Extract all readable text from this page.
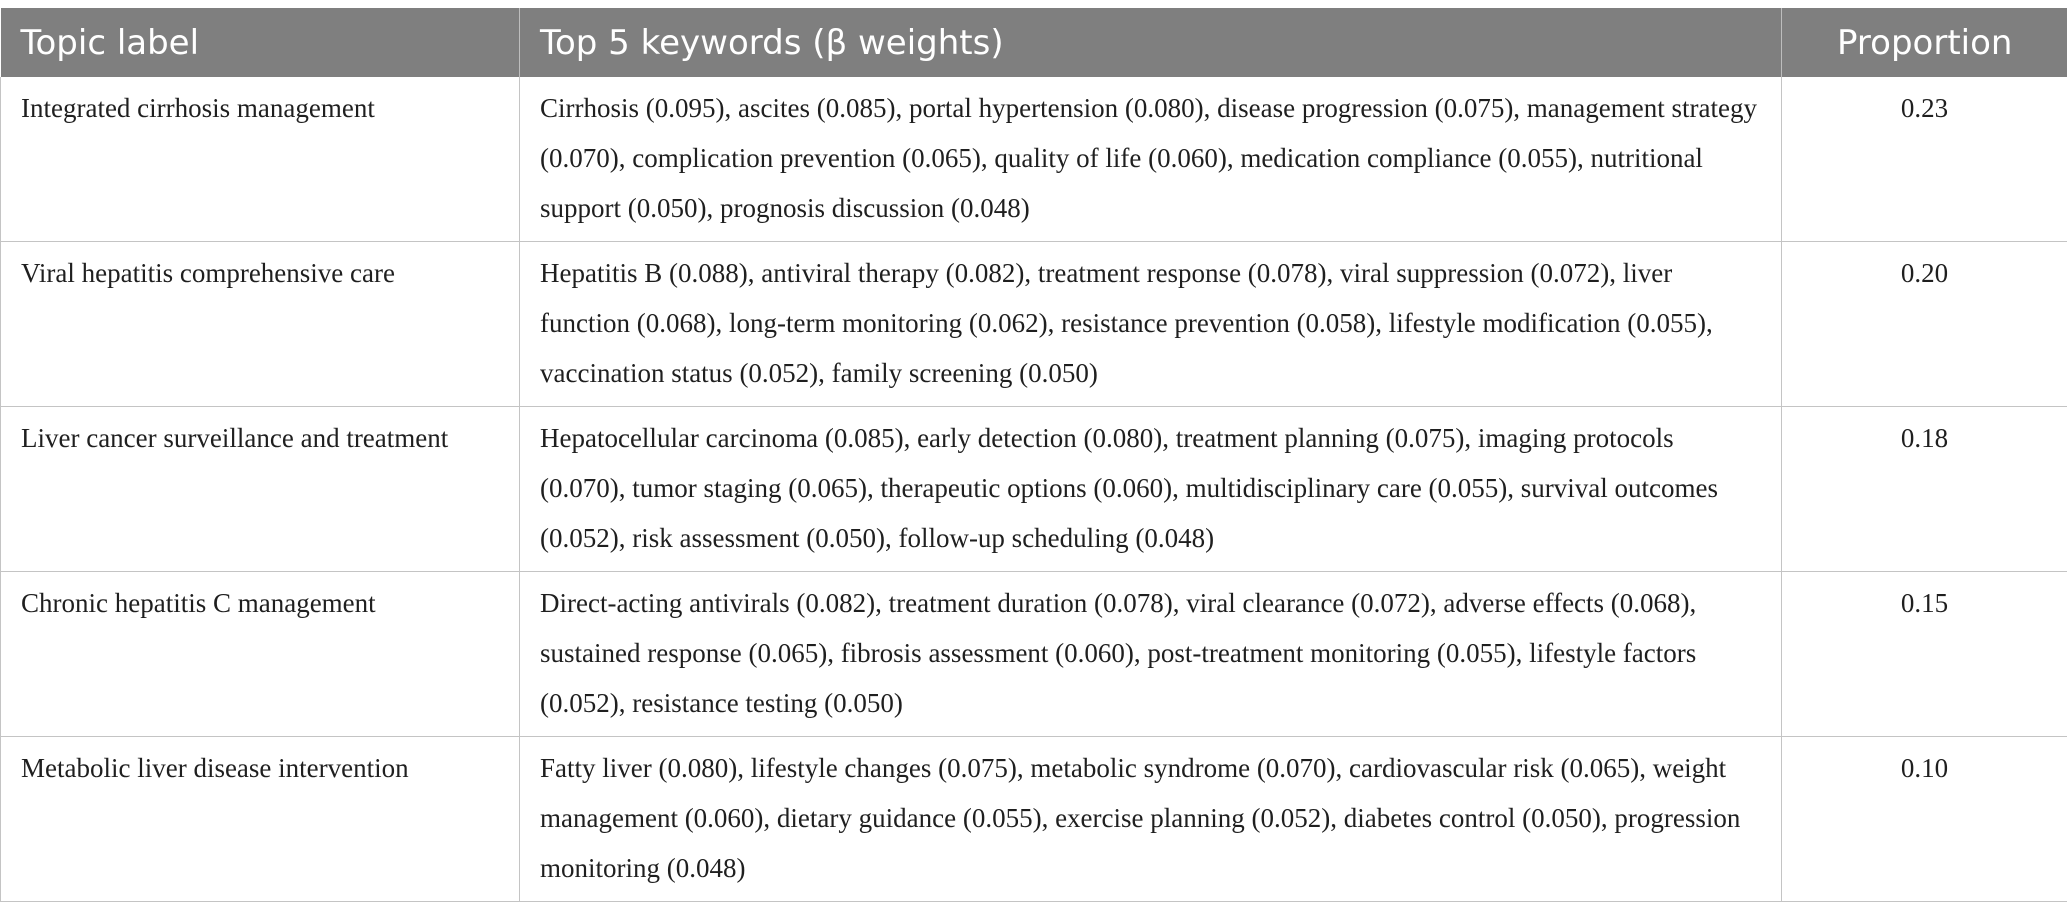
Topic label	Top 5 keywords (β weights)	Proportion
Integrated cirrhosis management	Cirrhosis (0.095), ascites (0.085), portal hypertension (0.080), disease progression (0.075), management strategy (0.070), complication prevention (0.065), quality of life (0.060), medication compliance (0.055), nutritional support (0.050), prognosis discussion (0.048)	0.23
Viral hepatitis comprehensive care	Hepatitis B (0.088), antiviral therapy (0.082), treatment response (0.078), viral suppression (0.072), liver function (0.068), long-term monitoring (0.062), resistance prevention (0.058), lifestyle modification (0.055), vaccination status (0.052), family screening (0.050)	0.20
Liver cancer surveillance and treatment	Hepatocellular carcinoma (0.085), early detection (0.080), treatment planning (0.075), imaging protocols (0.070), tumor staging (0.065), therapeutic options (0.060), multidisciplinary care (0.055), survival outcomes (0.052), risk assessment (0.050), follow-up scheduling (0.048)	0.18
Chronic hepatitis C management	Direct-acting antivirals (0.082), treatment duration (0.078), viral clearance (0.072), adverse effects (0.068), sustained response (0.065), fibrosis assessment (0.060), post-treatment monitoring (0.055), lifestyle factors (0.052), resistance testing (0.050)	0.15
Metabolic liver disease intervention	Fatty liver (0.080), lifestyle changes (0.075), metabolic syndrome (0.070), cardiovascular risk (0.065), weight management (0.060), dietary guidance (0.055), exercise planning (0.052), diabetes control (0.050), progression monitoring (0.048)	0.10
